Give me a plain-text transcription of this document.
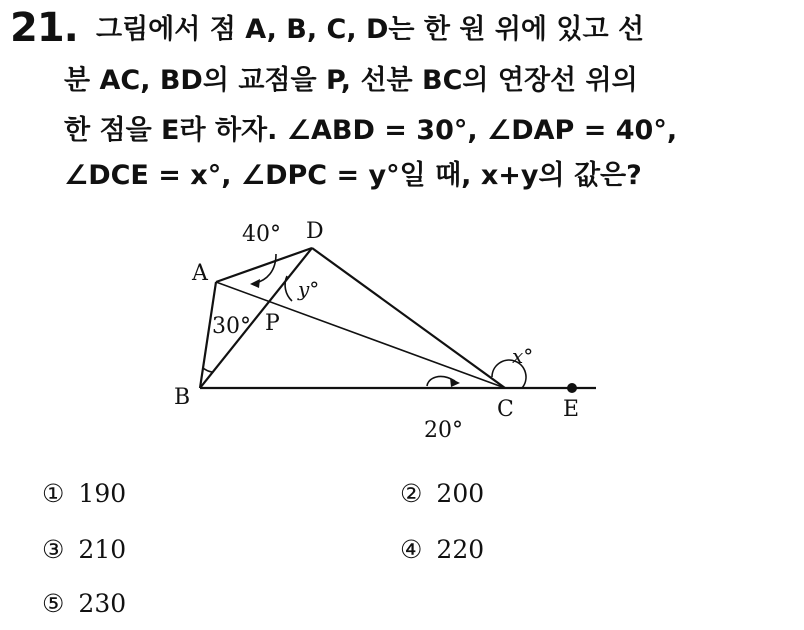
21. 그림에서 점 A, B, C, D는 한 원 위에 있고 선
분 AC, BD의 교점을 P, 선분 BC의 연장선 위의
한 점을 E라 하자. ∠ABD = 30°, ∠DAP = 40°,
∠DCE = x°, ∠DPC = y°일 때, x+y의 값은?
A
B	C
D
E
P
40°
30°
y°
x°
20°
① 190	② 200
③ 210	④ 220
⑤ 230
